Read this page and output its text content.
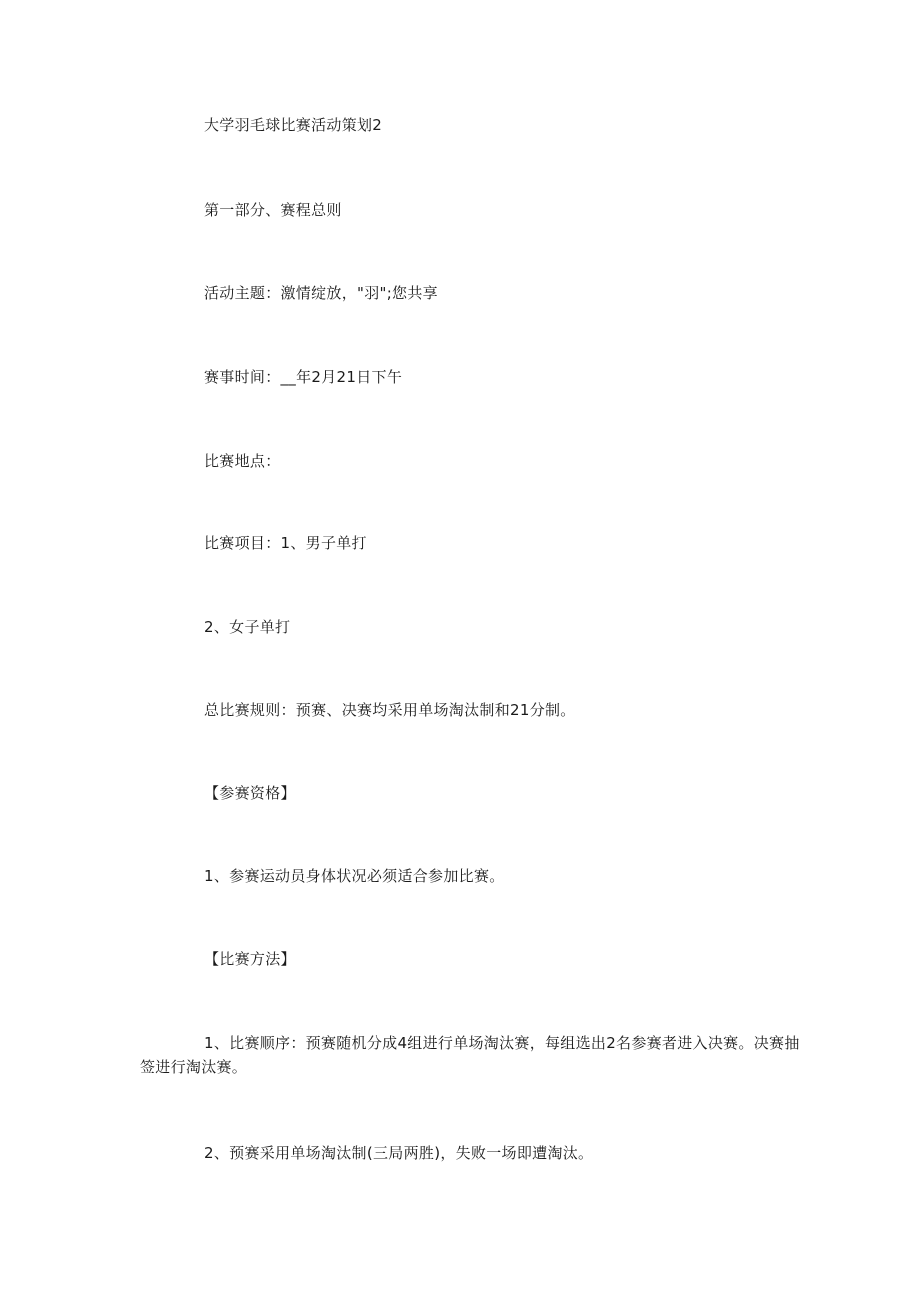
大学羽毛球比赛活动策划2
第一部分、赛程总则
活动主题：激情绽放，"羽";您共享
赛事时间：__年2月21日下午
比赛地点：
比赛项目：1、男子单打
2、女子单打
总比赛规则：预赛、决赛均采用单场淘汰制和21分制。
【参赛资格】
1、参赛运动员身体状况必须适合参加比赛。
【比赛方法】
1、比赛顺序：预赛随机分成4组进行单场淘汰赛，每组选出2名参赛者进入决赛。决赛抽签进行淘汰赛。
2、预赛采用单场淘汰制(三局两胜)，失败一场即遭淘汰。
